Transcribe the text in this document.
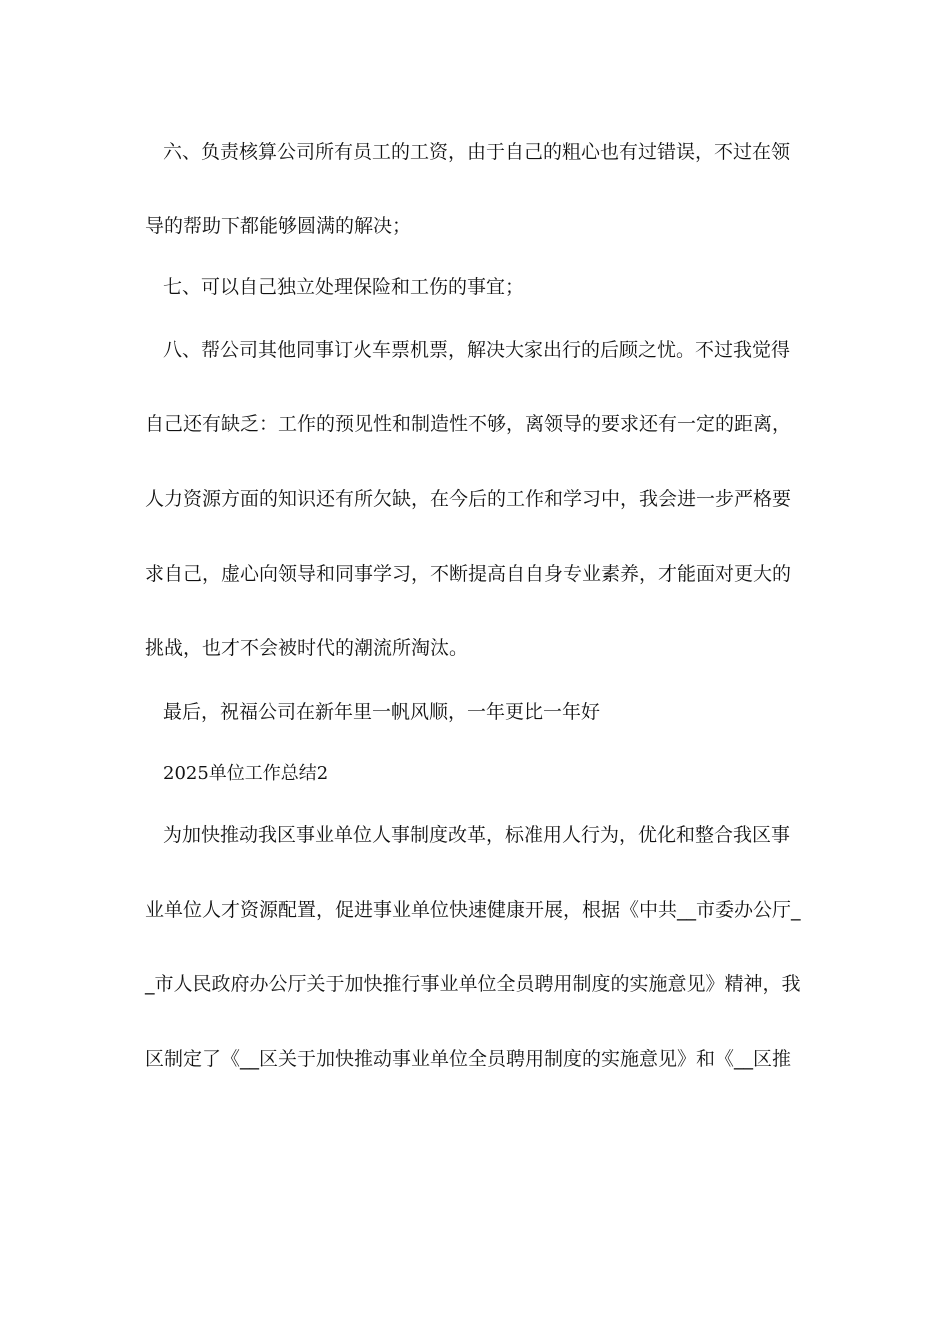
六、负责核算公司所有员工的工资，由于自己的粗心也有过错误，不过在领
导的帮助下都能够圆满的解决；
七、可以自己独立处理保险和工伤的事宜；
八、帮公司其他同事订火车票机票，解决大家出行的后顾之忧。不过我觉得
自己还有缺乏：工作的预见性和制造性不够，离领导的要求还有一定的距离，
人力资源方面的知识还有所欠缺，在今后的工作和学习中，我会进一步严格要
求自己，虚心向领导和同事学习，不断提高自自身专业素养，才能面对更大的
挑战，也才不会被时代的潮流所淘汰。
最后，祝福公司在新年里一帆风顺，一年更比一年好
2025单位工作总结2
为加快推动我区事业单位人事制度改革，标准用人行为，优化和整合我区事
业单位人才资源配置，促进事业单位快速健康开展，根据《中共__市委办公厅_
_市人民政府办公厅关于加快推行事业单位全员聘用制度的实施意见》精神，我
区制定了《__区关于加快推动事业单位全员聘用制度的实施意见》和《__区推
